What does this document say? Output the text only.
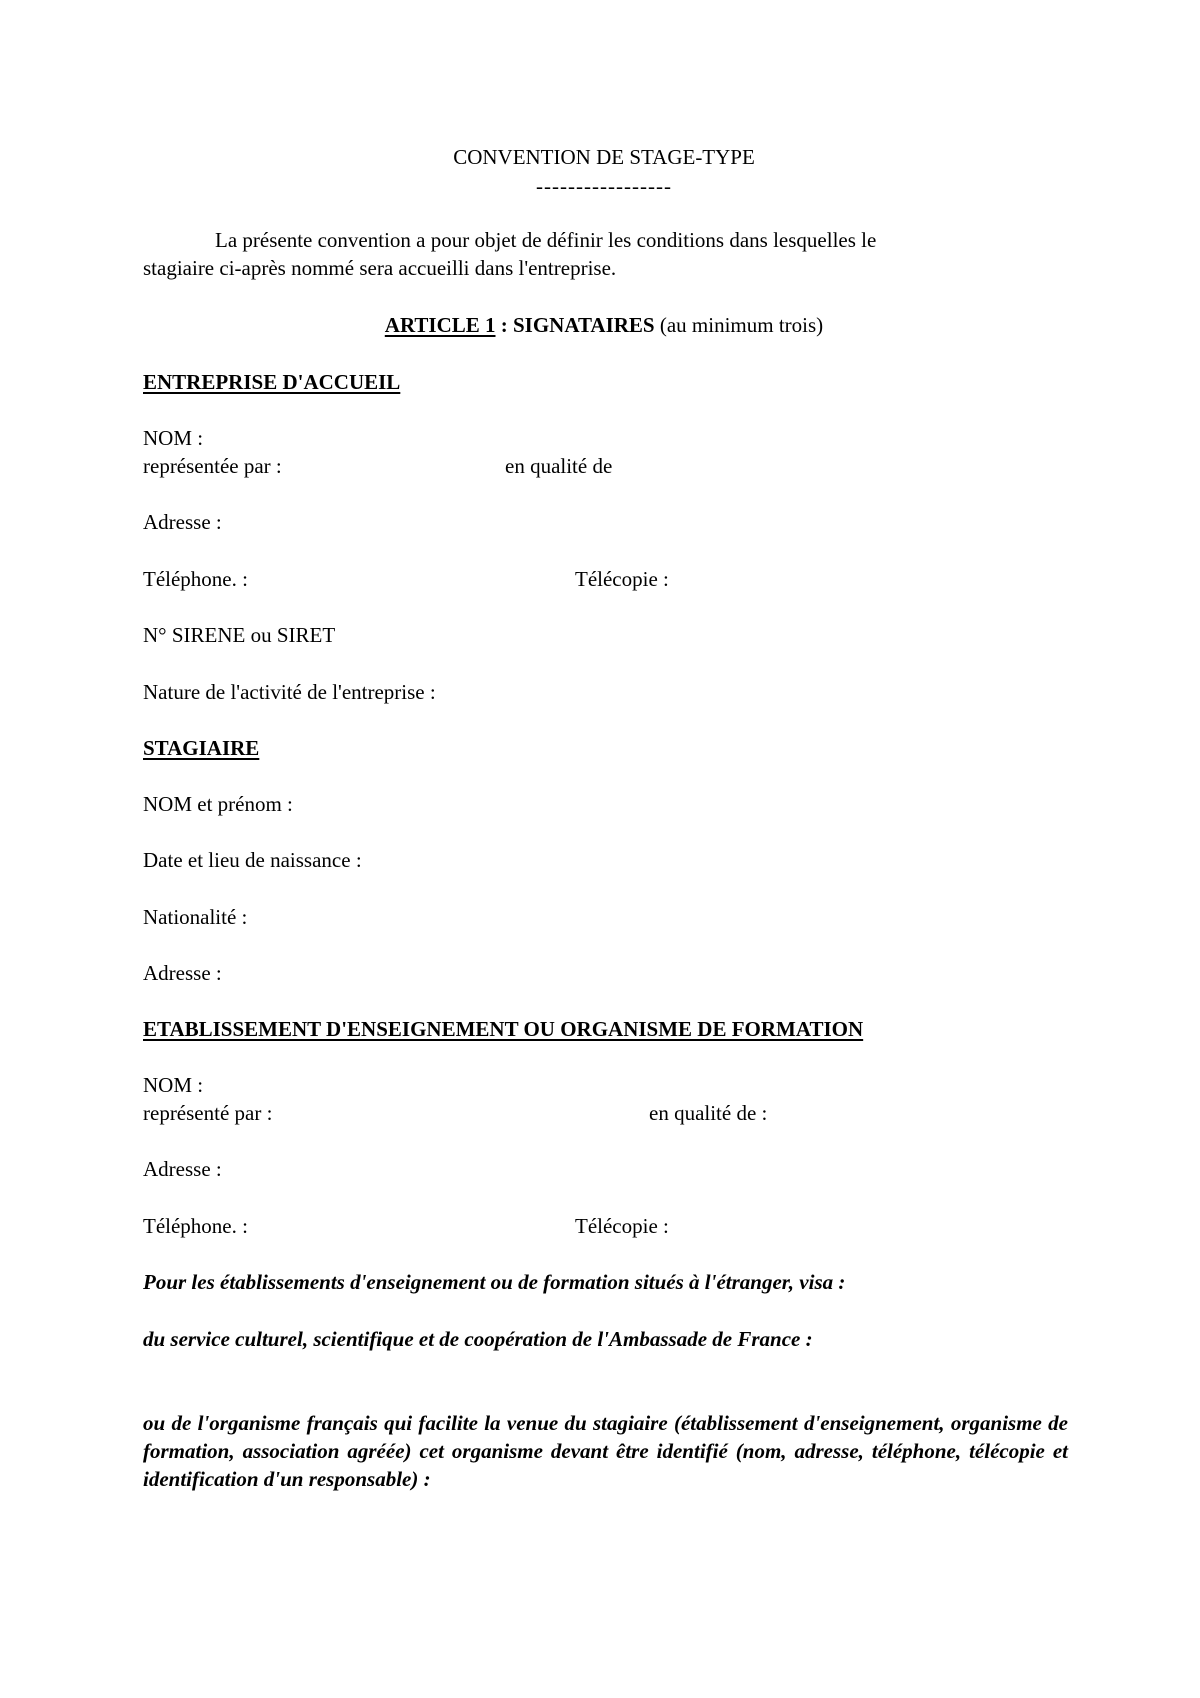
CONVENTION DE STAGE-TYPE
-----------------
La présente convention a pour objet de définir les conditions dans lesquelles le
stagiaire ci-après nommé sera accueilli dans l'entreprise.
ARTICLE 1 : SIGNATAIRES (au minimum trois)
ENTREPRISE D'ACCUEIL
NOM :
représentée par :	en qualité de
Adresse :
Téléphone. :	Télécopie :
N° SIRENE ou SIRET
Nature de l'activité de l'entreprise :
STAGIAIRE
NOM et prénom :
Date et lieu de naissance :
Nationalité :
Adresse :
ETABLISSEMENT D'ENSEIGNEMENT OU ORGANISME DE FORMATION
NOM :
représenté par :	en qualité de :
Adresse :
Téléphone. :	Télécopie :
Pour les établissements d'enseignement ou de formation situés à l'étranger, visa :
du service culturel, scientifique et de coopération de l'Ambassade de France :
ou de l'organisme français qui facilite la venue du stagiaire (établissement d'enseignement, organisme de formation, association agréée) cet organisme devant être identifié (nom, adresse, téléphone, télécopie et identification d'un responsable) :
